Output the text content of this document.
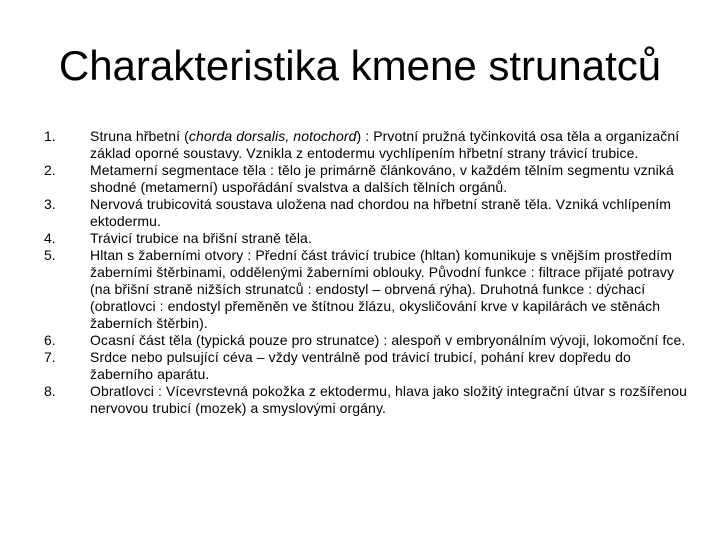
Charakteristika kmene strunatců
1.	Struna hřbetní (chorda dorsalis, notochord) : Prvotní pružná tyčinkovitá osa těla a organizační základ oporné soustavy. Vznikla z entodermu vychlípením hřbetní strany trávicí trubice.
2.	Metamerní segmentace těla : tělo je primárně článkováno, v každém tělním segmentu vzniká shodné (metamerní) uspořádání svalstva a dalších tělních orgánů.
3.	Nervová trubicovitá soustava uložena nad chordou na hřbetní straně těla. Vzniká vchlípením ektodermu.
4.	Trávicí trubice na břišní straně těla.
5.	Hltan s žaberními otvory : Přední část trávicí trubice (hltan) komunikuje s vnějším prostředím žaberními štěrbinami, oddělenými žaberními oblouky. Původní funkce : filtrace přijaté potravy (na břišní straně nižších strunatců : endostyl – obrvená rýha). Druhotná funkce : dýchací (obratlovci : endostyl přeměněn ve štítnou žlázu, okysličování krve v kapilárách ve stěnách žaberních štěrbin).
6.	Ocasní část těla (typická pouze pro strunatce) : alespoň v embryonálním vývoji, lokomoční fce.
7.	Srdce nebo pulsující céva – vždy ventrálně pod trávicí trubicí, pohání krev dopředu do žaberního aparátu.
8.	Obratlovci : Vícevrstevná pokožka z ektodermu, hlava jako složitý integrační útvar s rozšířenou nervovou trubicí (mozek) a smyslovými orgány.
